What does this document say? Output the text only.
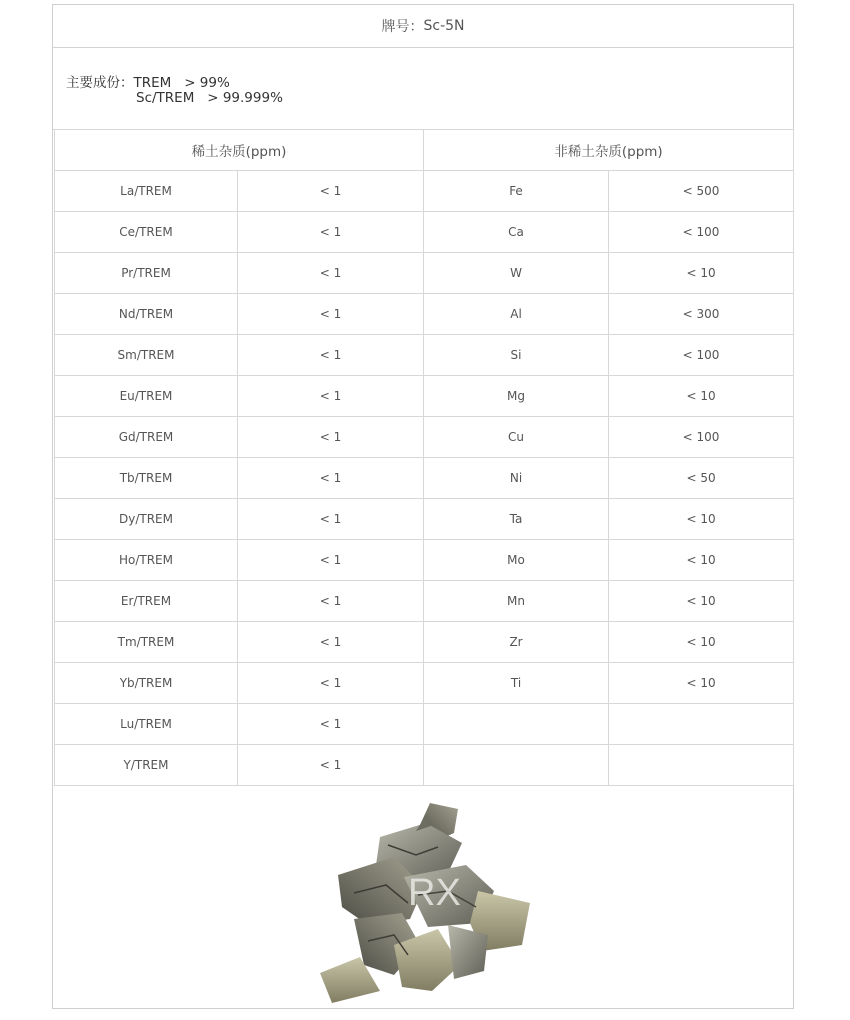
牌号： Sc-5N
主要成份：TREM > 99%
Sc/TREM > 99.999%
稀土杂质(ppm)		非稀土杂质(ppm)	
La/TREM	< 1	Fe	< 500
Ce/TREM	< 1	Ca	< 100
Pr/TREM	< 1	W	< 10
Nd/TREM	< 1	Al	< 300
Sm/TREM	< 1	Si	< 100
Eu/TREM	< 1	Mg	< 10
Gd/TREM	< 1	Cu	< 100
Tb/TREM	< 1	Ni	< 50
Dy/TREM	< 1	Ta	< 10
Ho/TREM	< 1	Mo	< 10
Er/TREM	< 1	Mn	< 10
Tm/TREM	< 1	Zr	< 10
Yb/TREM	< 1	Ti	< 10
Lu/TREM	< 1		
Y/TREM	< 1		
RX
